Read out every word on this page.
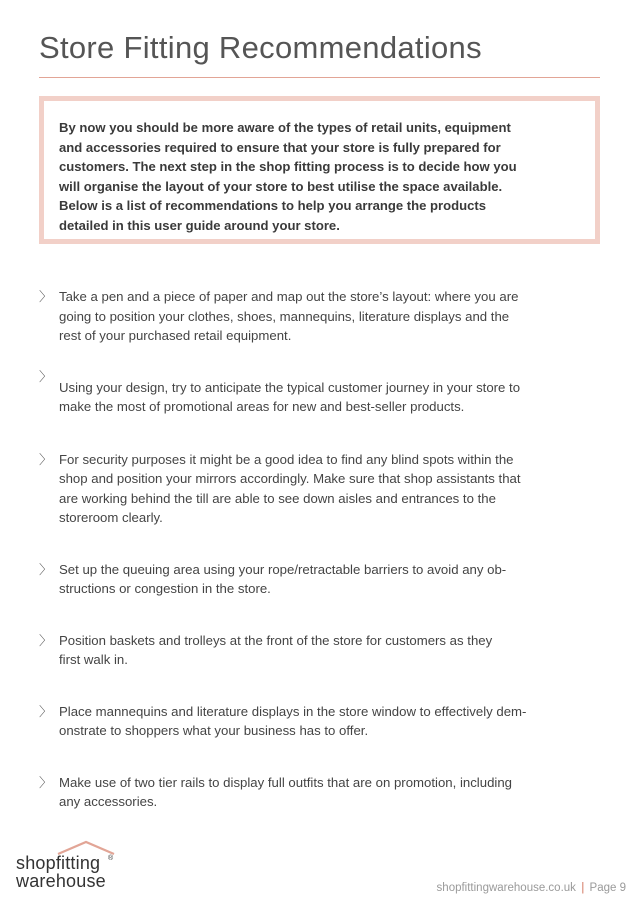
Store Fitting Recommendations

By now you should be more aware of the types of retail units, equipment
and accessories required to ensure that your store is fully prepared for
customers. The next step in the shop fitting process is to decide how you
will organise the layout of your store to best utilise the space available.
Below is a list of recommendations to help you arrange the products
detailed in this user guide around your store.

〉 Take a pen and a piece of paper and map out the store’s layout: where you are
going to position your clothes, shoes, mannequins, literature displays and the
rest of your purchased retail equipment.

〉

Using your design, try to anticipate the typical customer journey in your store to
make the most of promotional areas for new and best-seller products.

〉 For security purposes it might be a good idea to find any blind spots within the
shop and position your mirrors accordingly. Make sure that shop assistants that
are working behind the till are able to see down aisles and entrances to the
storeroom clearly.

〉 Set up the queuing area using your rope/retractable barriers to avoid any ob-
structions or congestion in the store.

〉 Position baskets and trolleys at the front of the store for customers as they
first walk in.

〉 Place mannequins and literature displays in the store window to effectively dem-
onstrate to shoppers what your business has to offer.

〉 Make use of two tier rails to display full outfits that are on promotion, including
any accessories.

shopfitting ®
warehouse	shopfittingwarehouse.co.uk | Page 9
